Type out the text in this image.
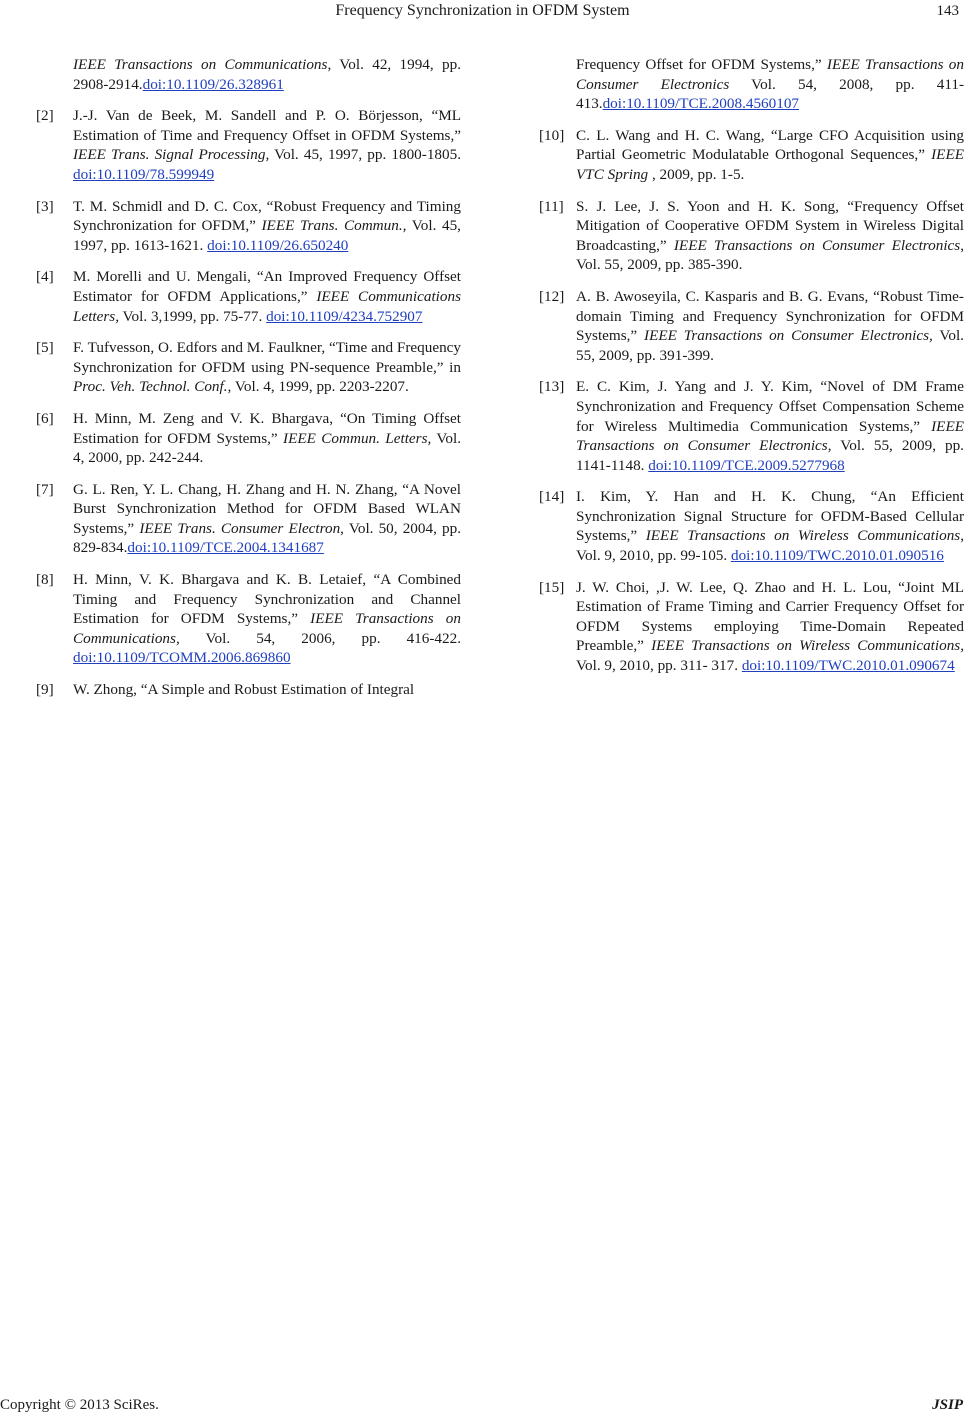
Frequency Synchronization in OFDM System	143
IEEE Transactions on Communications, Vol. 42, 1994, pp. 2908-2914.doi:10.1109/26.328961
[2]	J.-J. Van de Beek, M. Sandell and P. O. Börjesson, “ML Estimation of Time and Frequency Offset in OFDM Systems,” IEEE Trans. Signal Processing, Vol. 45, 1997, pp. 1800-1805. doi:10.1109/78.599949
[3]	T. M. Schmidl and D. C. Cox, “Robust Frequency and Timing Synchronization for OFDM,” IEEE Trans. Commun., Vol. 45, 1997, pp. 1613-1621. doi:10.1109/26.650240
[4]	M. Morelli and U. Mengali, “An Improved Frequency Offset Estimator for OFDM Applications,” IEEE Communications Letters, Vol. 3,1999, pp. 75-77. doi:10.1109/4234.752907
[5]	F. Tufvesson, O. Edfors and M. Faulkner, “Time and Frequency Synchronization for OFDM using PN-sequence Preamble,” in Proc. Veh. Technol. Conf., Vol. 4, 1999, pp. 2203-2207.
[6]	H. Minn, M. Zeng and V. K. Bhargava, “On Timing Offset Estimation for OFDM Systems,” IEEE Commun. Letters, Vol. 4, 2000, pp. 242-244.
[7]	G. L. Ren, Y. L. Chang, H. Zhang and H. N. Zhang, “A Novel Burst Synchronization Method for OFDM Based WLAN Systems,” IEEE Trans. Consumer Electron, Vol. 50, 2004, pp. 829-834.doi:10.1109/TCE.2004.1341687
[8]	H. Minn, V. K. Bhargava and K. B. Letaief, “A Combined Timing and Frequency Synchronization and Channel Estimation for OFDM Systems,” IEEE Transactions on Communications, Vol. 54, 2006, pp. 416-422. doi:10.1109/TCOMM.2006.869860
[9]	W. Zhong, “A Simple and Robust Estimation of Integral
Frequency Offset for OFDM Systems,” IEEE Transactions on Consumer Electronics Vol. 54, 2008, pp. 411-413.doi:10.1109/TCE.2008.4560107
[10] C. L. Wang and H. C. Wang, “Large CFO Acquisition using Partial Geometric Modulatable Orthogonal Sequences,” IEEE VTC Spring , 2009, pp. 1-5.
[11] S. J. Lee, J. S. Yoon and H. K. Song, “Frequency Offset Mitigation of Cooperative OFDM System in Wireless Digital Broadcasting,” IEEE Transactions on Consumer Electronics, Vol. 55, 2009, pp. 385-390.
[12] A. B. Awoseyila, C. Kasparis and B. G. Evans, “Robust Time-domain Timing and Frequency Synchronization for OFDM Systems,” IEEE Transactions on Consumer Electronics, Vol. 55, 2009, pp. 391-399.
[13] E. C. Kim, J. Yang and J. Y. Kim, “Novel of DM Frame Synchronization and Frequency Offset Compensation Scheme for Wireless Multimedia Communication Systems,” IEEE Transactions on Consumer Electronics, Vol. 55, 2009, pp. 1141-1148. doi:10.1109/TCE.2009.5277968
[14] I. Kim, Y. Han and H. K. Chung, “An Efficient Synchronization Signal Structure for OFDM-Based Cellular Systems,” IEEE Transactions on Wireless Communications, Vol. 9, 2010, pp. 99-105. doi:10.1109/TWC.2010.01.090516
[15] J. W. Choi, ,J. W. Lee, Q. Zhao and H. L. Lou, “Joint ML Estimation of Frame Timing and Carrier Frequency Offset for OFDM Systems employing Time-Domain Repeated Preamble,” IEEE Transactions on Wireless Communications, Vol. 9, 2010, pp. 311- 317. doi:10.1109/TWC.2010.01.090674
Copyright © 2013 SciRes.	JSIP
